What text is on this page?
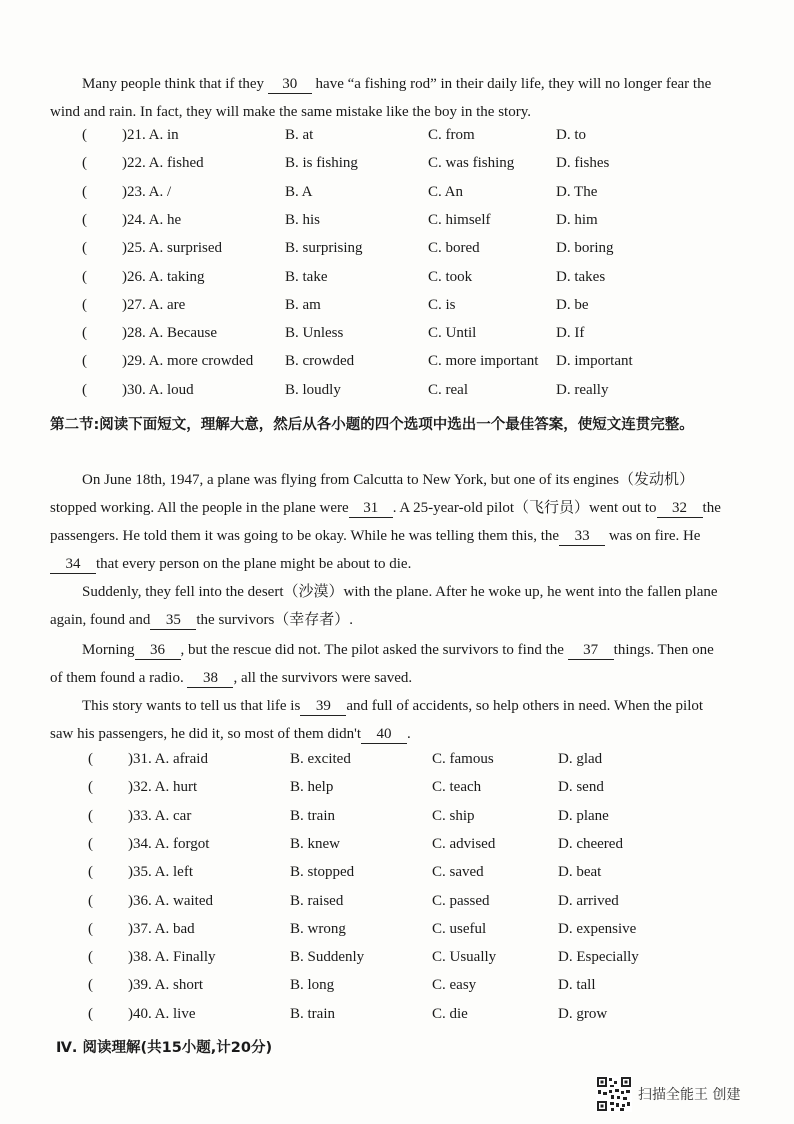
Many people think that if they 30 have “a fishing rod” in their daily life, they will no longer fear the wind and rain. In fact, they will make the same mistake like the boy in the story.

( )21. A. in	B. at	C. from	D. to
( )22. A. fished	B. is fishing	C. was fishing	D. fishes
( )23. A. /	B. A	C. An	D. The
( )24. A. he	B. his	C. himself	D. him
( )25. A. surprised	B. surprising	C. bored	D. boring
( )26. A. taking	B. take	C. took	D. takes
( )27. A. are	B. am	C. is	D. be
( )28. A. Because	B. Unless	C. Until	D. If
( )29. A. more crowded B. crowded	C. more important D. important
( )30. A. loud	B. loudly	C. real	D. really

第二节:阅读下面短文，理解大意，然后从各小题的四个选项中选出一个最佳答案，使短文连贯完整。

On June 18th, 1947, a plane was flying from Calcutta to New York, but one of its engines（发动机）stopped working. All the people in the plane were 31 . A 25-year-old pilot（飞行员）went out to 32 the passengers. He told them it was going to be okay. While he was telling them this, the 33 was on fire. He34 that every person on the plane might be about to die.

Suddenly, they fell into the desert（沙漠）with the plane. After he woke up, he went into the fallen plane again, found and 35 the survivors（幸存者）.

Morning 36 , but the rescue did not. The pilot asked the survivors to find the 37 things. Then one of them found a radio. 38 , all the survivors were saved.

This story wants to tell us that life is 39 and full of accidents, so help others in need. When the pilot saw his passengers, he did it, so most of them didn't 40 .

( )31. A. afraid	B. excited	C. famous	D. glad
( )32. A. hurt	B. help	C. teach	D. send
( )33. A. car	B. train	C. ship	D. plane
( )34. A. forgot	B. knew	C. advised	D. cheered
( )35. A. left	B. stopped	C. saved	D. beat
( )36. A. waited	B. raised	C. passed	D. arrived
( )37. A. bad	B. wrong	C. useful	D. expensive
( )38. A. Finally	B. Suddenly	C. Usually	D. Especially
( )39. A. short	B. long	C. easy	D. tall
( )40. A. live	B. train	C. die	D. grow

Ⅳ. 阅读理解(共15小题,计20分)

扫描全能王 创建
